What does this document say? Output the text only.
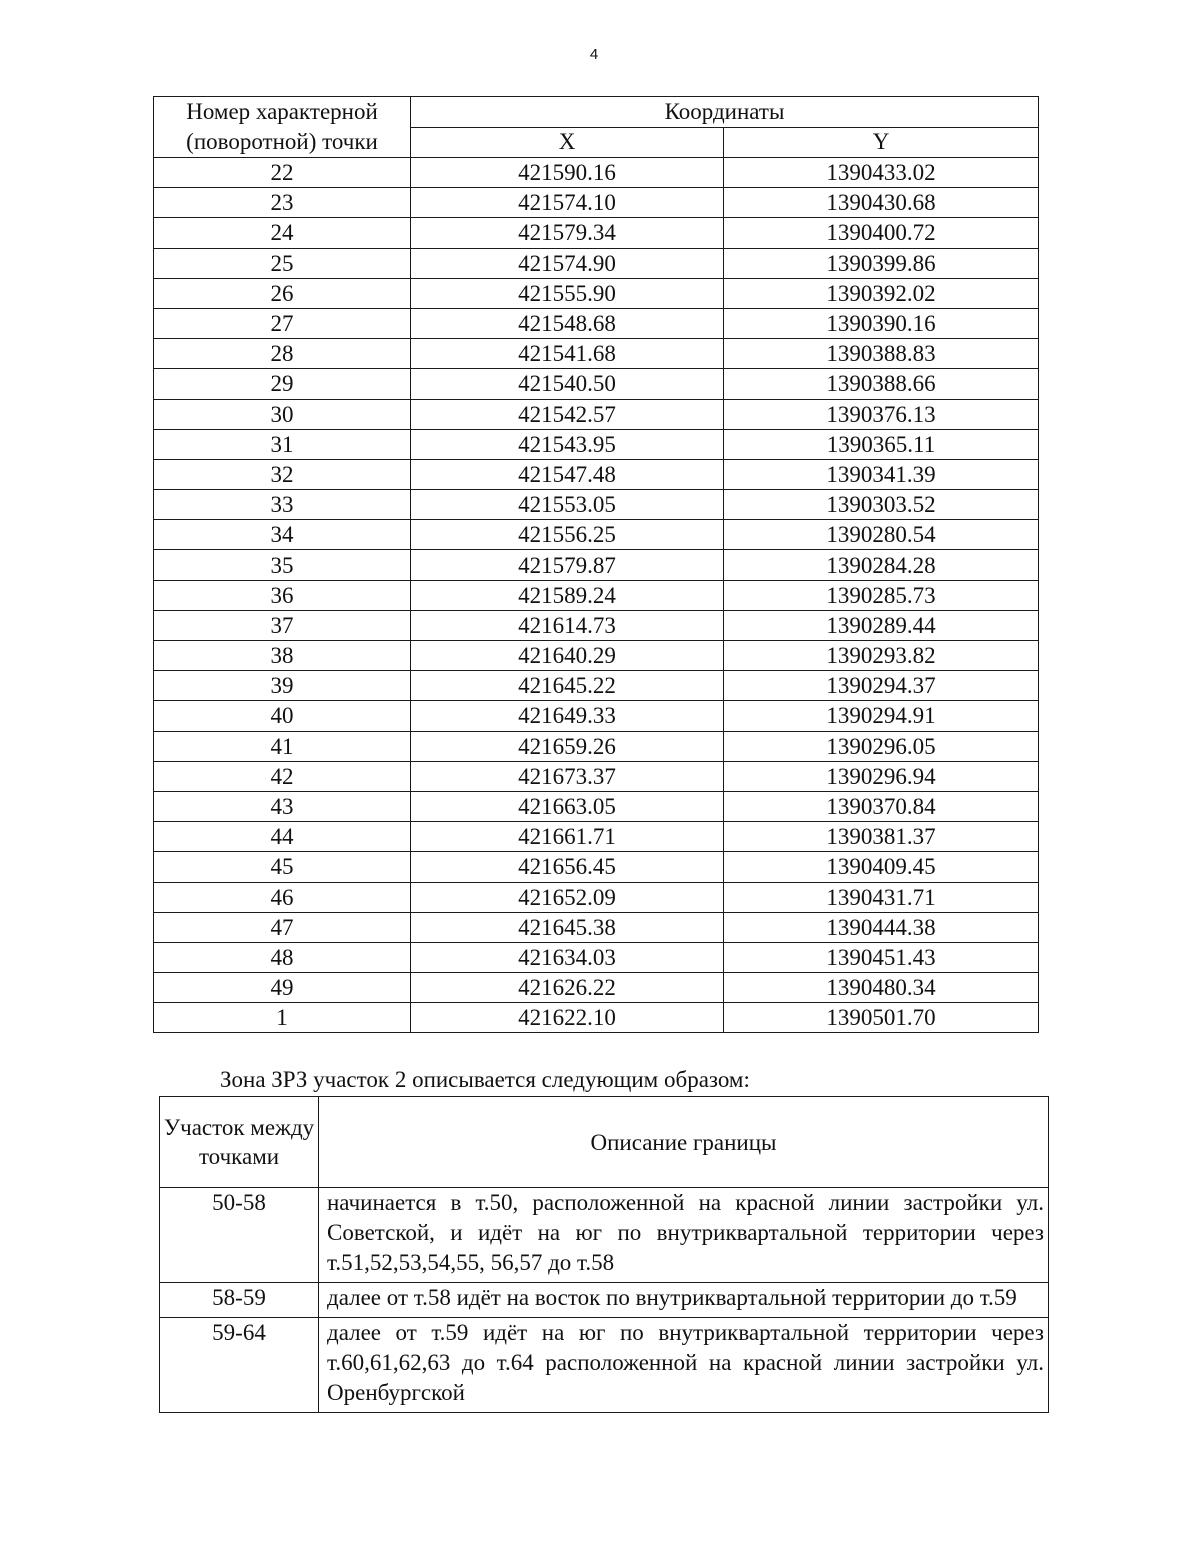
4
Номер характерной (поворотной) точки	Координаты	
	X	Y
22	421590.16	1390433.02
23	421574.10	1390430.68
24	421579.34	1390400.72
25	421574.90	1390399.86
26	421555.90	1390392.02
27	421548.68	1390390.16
28	421541.68	1390388.83
29	421540.50	1390388.66
30	421542.57	1390376.13
31	421543.95	1390365.11
32	421547.48	1390341.39
33	421553.05	1390303.52
34	421556.25	1390280.54
35	421579.87	1390284.28
36	421589.24	1390285.73
37	421614.73	1390289.44
38	421640.29	1390293.82
39	421645.22	1390294.37
40	421649.33	1390294.91
41	421659.26	1390296.05
42	421673.37	1390296.94
43	421663.05	1390370.84
44	421661.71	1390381.37
45	421656.45	1390409.45
46	421652.09	1390431.71
47	421645.38	1390444.38
48	421634.03	1390451.43
49	421626.22	1390480.34
1	421622.10	1390501.70
Зона ЗРЗ участок 2 описывается следующим образом:
Участок между точками	Описание границы
50-58	начинается в т.50, расположенной на красной линии застройки ул. Советской, и идёт на юг по внутриквартальной территории через т.51,52,53,54,55, 56,57 до т.58
58-59	далее от т.58 идёт на восток по внутриквартальной территории до т.59
59-64	далее от т.59 идёт на юг по внутриквартальной территории через т.60,61,62,63 до т.64 расположенной на красной линии застройки ул. Оренбургской
